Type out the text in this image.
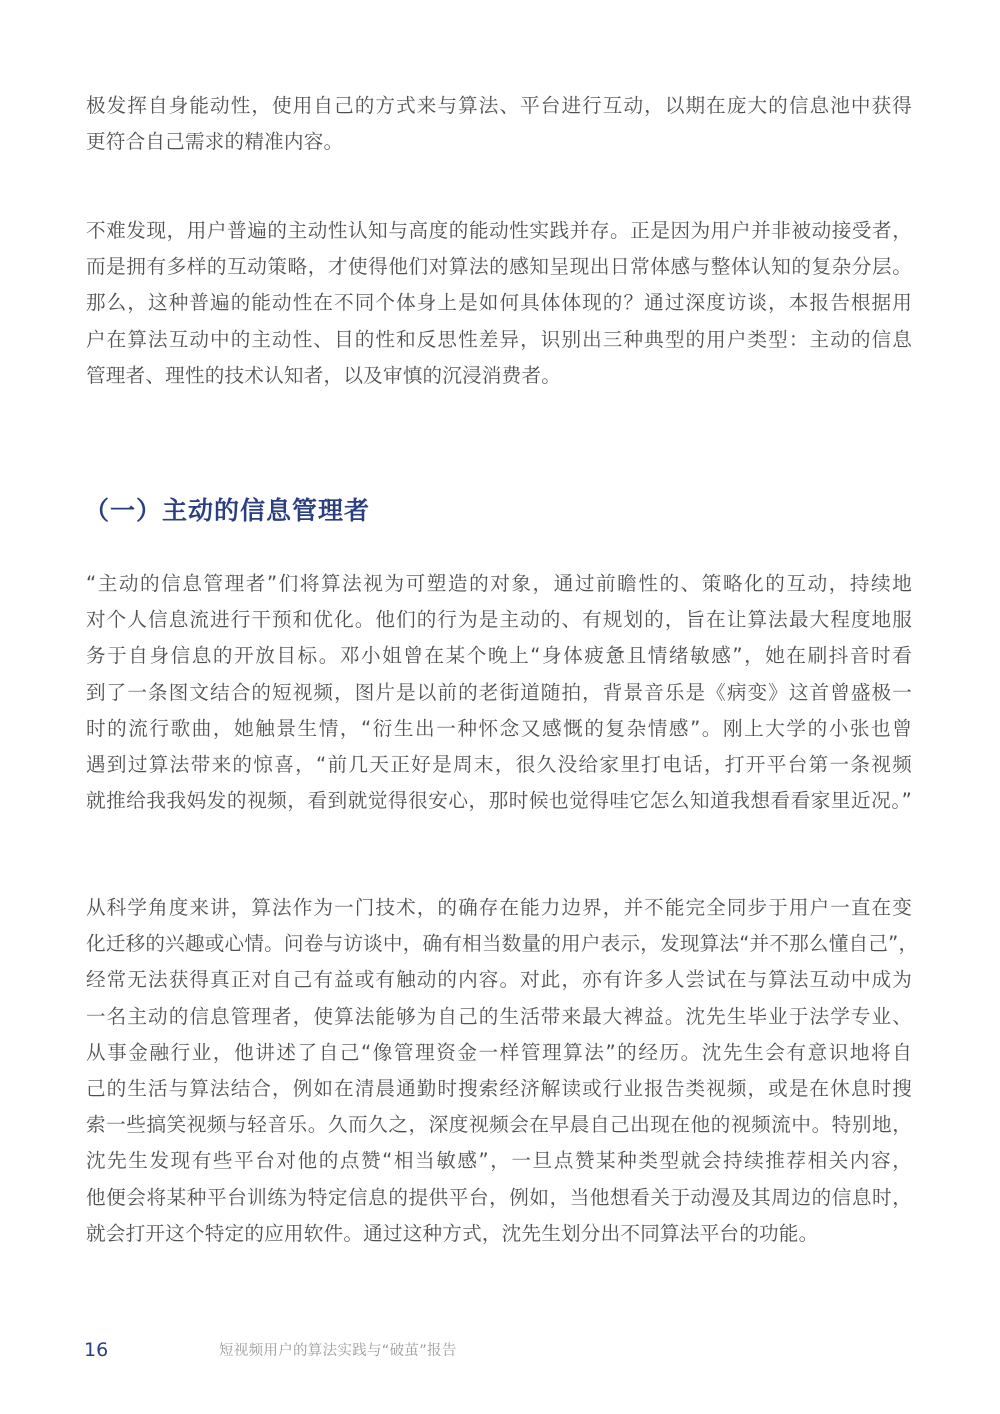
极发挥自身能动性，使用自己的方式来与算法、平台进行互动，以期在庞大的信息池中获得
更符合自己需求的精准内容。
不难发现，用户普遍的主动性认知与高度的能动性实践并存。正是因为用户并非被动接受者，
而是拥有多样的互动策略，才使得他们对算法的感知呈现出日常体感与整体认知的复杂分层。
那么，这种普遍的能动性在不同个体身上是如何具体体现的？通过深度访谈，本报告根据用
户在算法互动中的主动性、目的性和反思性差异，识别出三种典型的用户类型：主动的信息
管理者、理性的技术认知者，以及审慎的沉浸消费者。
（一）主动的信息管理者
“主动的信息管理者”们将算法视为可塑造的对象，通过前瞻性的、策略化的互动，持续地
对个人信息流进行干预和优化。他们的行为是主动的、有规划的，旨在让算法最大程度地服
务于自身信息的开放目标。邓小姐曾在某个晚上“身体疲惫且情绪敏感”，她在刷抖音时看
到了一条图文结合的短视频，图片是以前的老街道随拍，背景音乐是《病变》这首曾盛极一
时的流行歌曲，她触景生情，“衍生出一种怀念又感慨的复杂情感”。刚上大学的小张也曾
遇到过算法带来的惊喜，“前几天正好是周末，很久没给家里打电话，打开平台第一条视频
就推给我我妈发的视频，看到就觉得很安心，那时候也觉得哇它怎么知道我想看看家里近况。”
从科学角度来讲，算法作为一门技术，的确存在能力边界，并不能完全同步于用户一直在变
化迁移的兴趣或心情。问卷与访谈中，确有相当数量的用户表示，发现算法“并不那么懂自己”，
经常无法获得真正对自己有益或有触动的内容。对此，亦有许多人尝试在与算法互动中成为
一名主动的信息管理者，使算法能够为自己的生活带来最大裨益。沈先生毕业于法学专业、
从事金融行业，他讲述了自己“像管理资金一样管理算法”的经历。沈先生会有意识地将自
己的生活与算法结合，例如在清晨通勤时搜索经济解读或行业报告类视频，或是在休息时搜
索一些搞笑视频与轻音乐。久而久之，深度视频会在早晨自己出现在他的视频流中。特别地，
沈先生发现有些平台对他的点赞“相当敏感”，一旦点赞某种类型就会持续推荐相关内容，
他便会将某种平台训练为特定信息的提供平台，例如，当他想看关于动漫及其周边的信息时，
就会打开这个特定的应用软件。通过这种方式，沈先生划分出不同算法平台的功能。
16	短视频用户的算法实践与“破茧”报告
